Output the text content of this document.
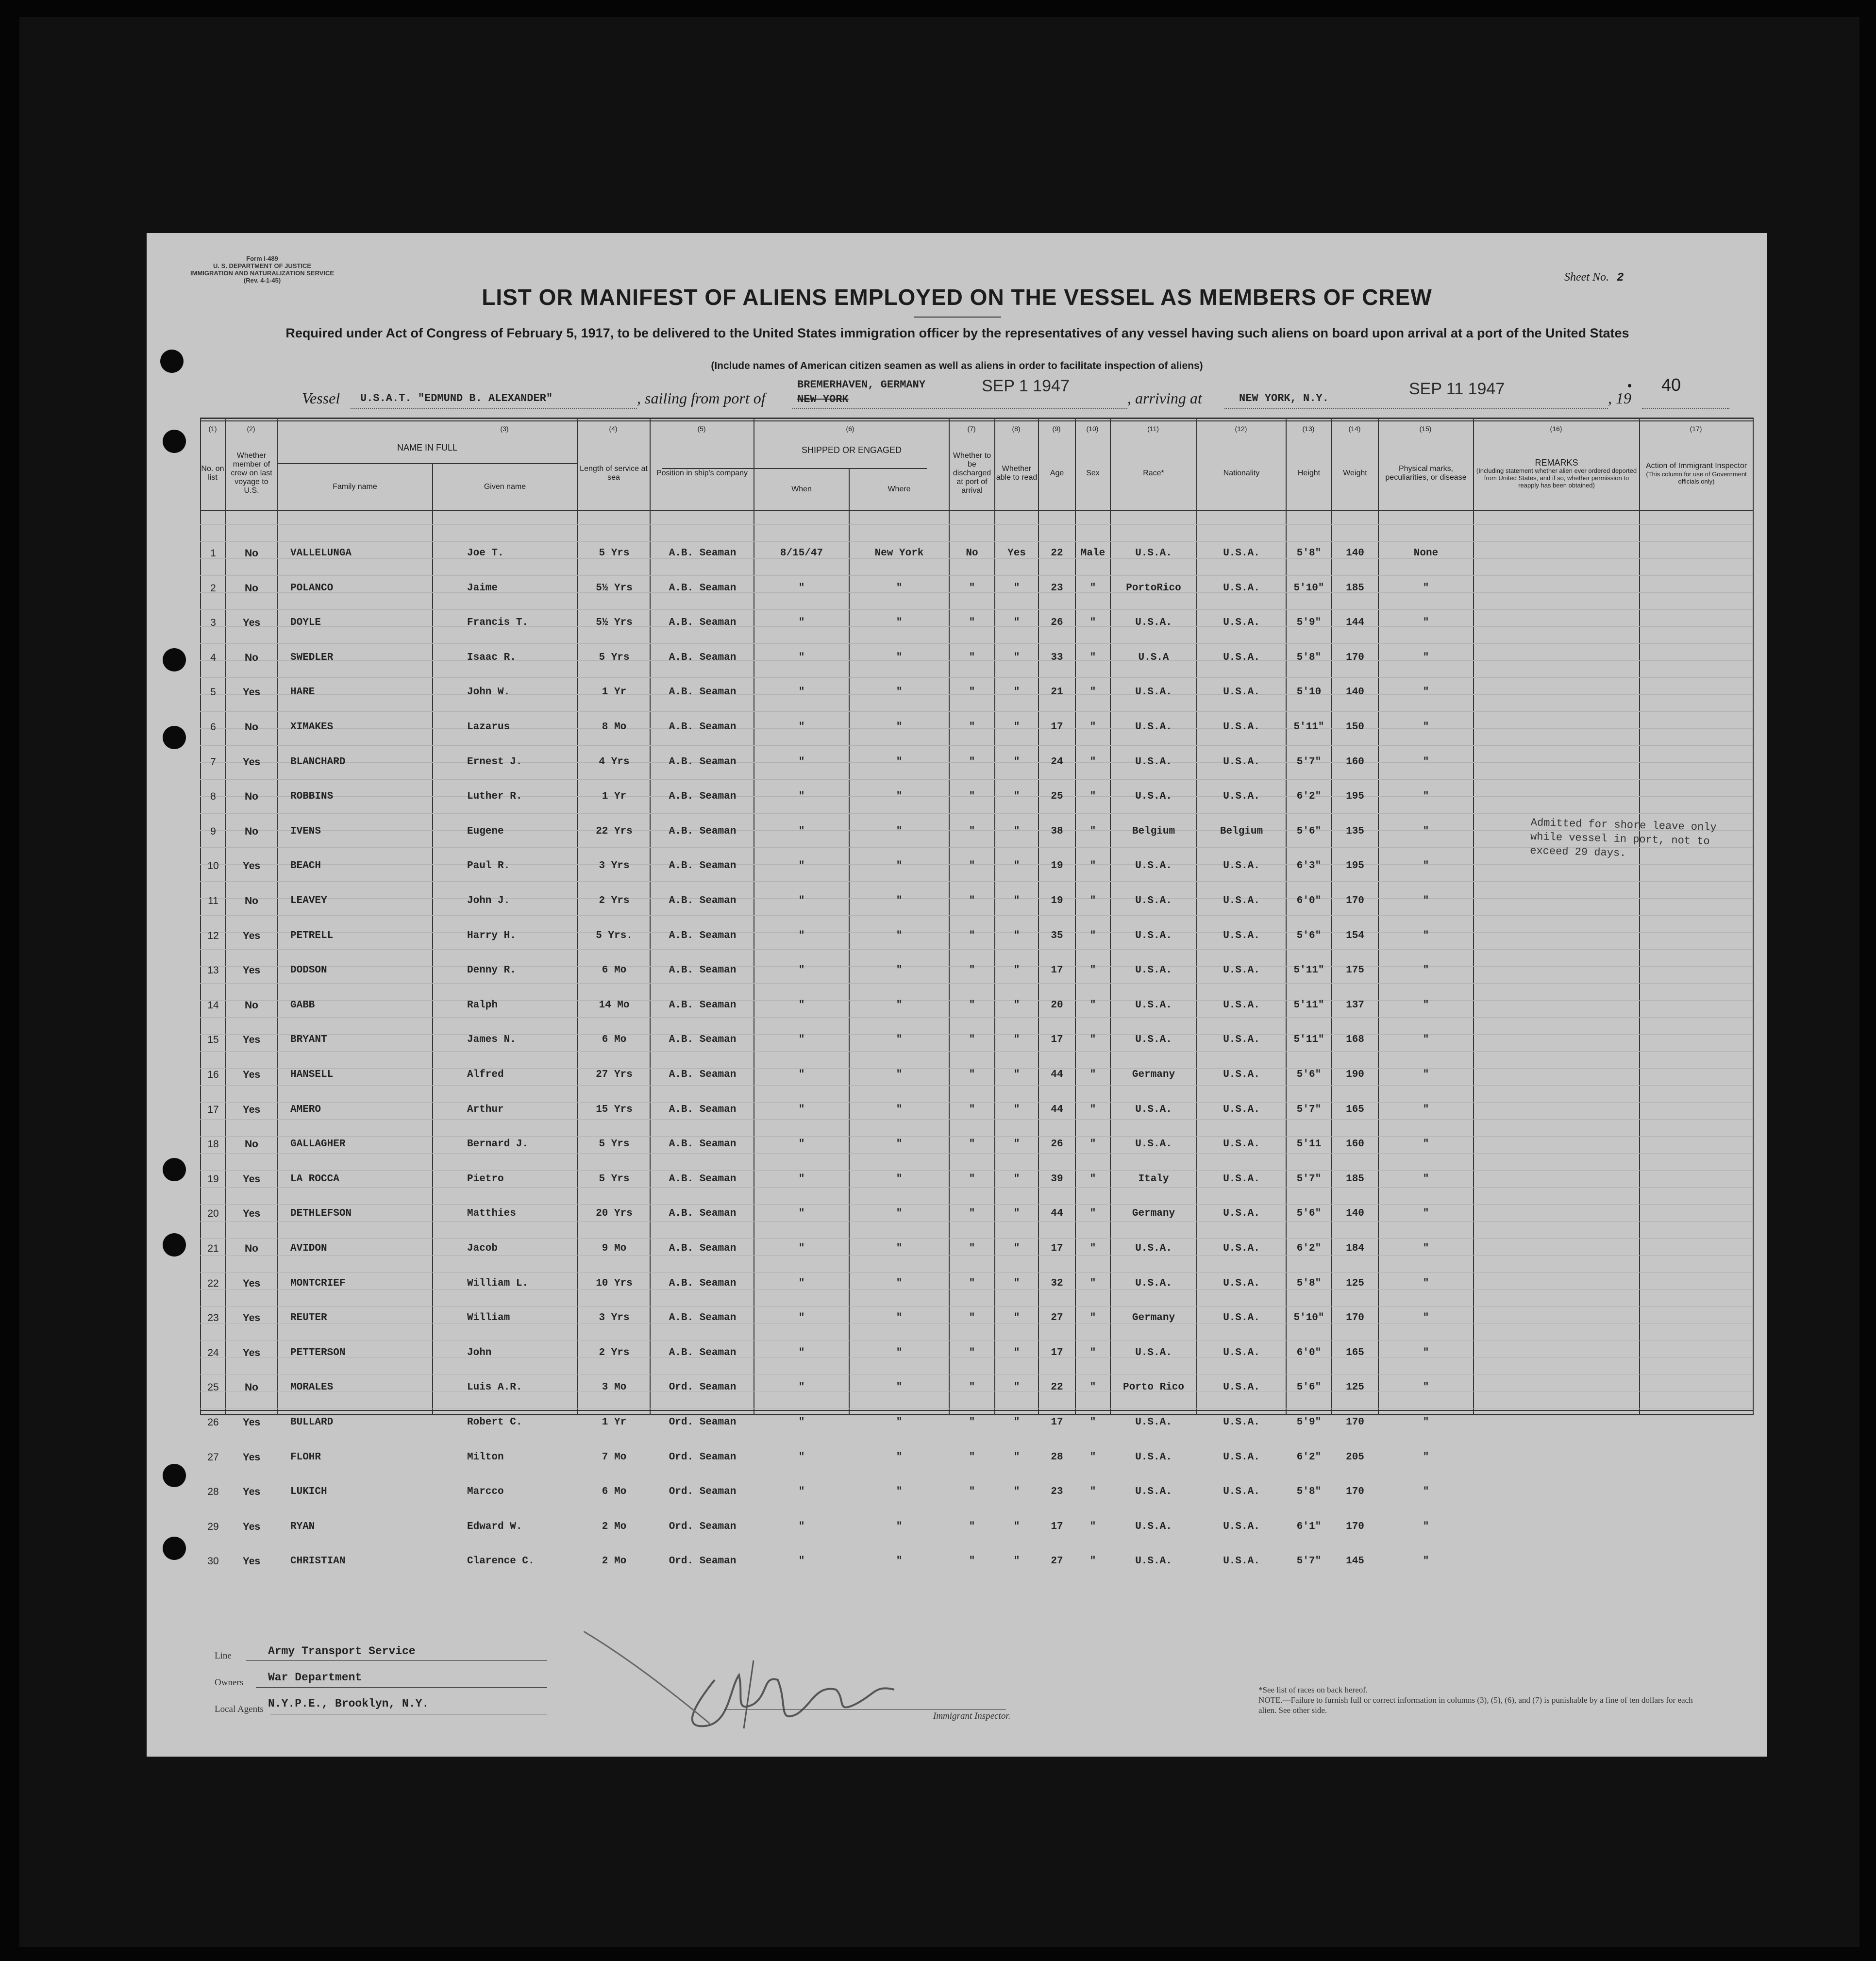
Form I-489
U. S. DEPARTMENT OF JUSTICE
IMMIGRATION AND NATURALIZATION SERVICE
(Rev. 4-1-45)	Sheet No. 2
LIST OR MANIFEST OF ALIENS EMPLOYED ON THE VESSEL AS MEMBERS OF CREW
Required under Act of Congress of February 5, 1917, to be delivered to the United States immigration officer by the representatives of any vessel having such aliens on board upon arrival at a port of the United States
(Include names of American citizen seamen as well as aliens in order to facilitate inspection of aliens)
Vessel U.S.A.T. "EDMUND B. ALEXANDER"	, sailing from port of
BREMERHAVEN, GERMANY
NEW YORK
SEP 1 1947
, arriving at	NEW YORK, N.Y.
SEP 11 1947	, 19
• 40
(1)	(2)	(3)	(4)	(5)	(6)	(7)	(8)	(9)	(10)	(11)	(12)	(13)	(14)	(15)	(16)	(17)
No. on list
Whether member of crew on last voyage to U.S.
NAME IN FULL
Family name	Given name
Length of service at sea
Position in ship's company
SHIPPED OR ENGAGED
When	Where
Whether to be discharged at port of arrival
Whether able to read
Age	Sex	Race*	Nationality	Height	Weight
Physical marks, peculiarities, or disease
REMARKS
(Including statement whether alien ever ordered deported from United States, and if so, whether permission to reapply has been obtained)
Action of Immigrant Inspector
(This column for use of Government officials only)
1	No	VALLELUNGA	Joe T.	5 Yrs	A.B. Seaman	8/15/47	New York	No	Yes	22	Male	U.S.A.	U.S.A.	5'8"	140	None
2	No	POLANCO	Jaime	5½ Yrs	A.B. Seaman	"	"	"	"	23	"	PortoRico	U.S.A.	5'10"	185	"
3	Yes	DOYLE	Francis T.	5½ Yrs	A.B. Seaman	"	"	"	"	26	"	U.S.A.	U.S.A.	5'9"	144	"
4	No	SWEDLER	Isaac R.	5 Yrs	A.B. Seaman	"	"	"	"	33	"	U.S.A	U.S.A.	5'8"	170	"
5	Yes	HARE	John W.	1 Yr	A.B. Seaman	"	"	"	"	21	"	U.S.A.	U.S.A.	5'10	140	"
6	No	XIMAKES	Lazarus	8 Mo	A.B. Seaman	"	"	"	"	17	"	U.S.A.	U.S.A.	5'11"	150	"
7	Yes	BLANCHARD	Ernest J.	4 Yrs	A.B. Seaman	"	"	"	"	24	"	U.S.A.	U.S.A.	5'7"	160	"
8	No	ROBBINS	Luther R.	1 Yr	A.B. Seaman	"	"	"	"	25	"	U.S.A.	U.S.A.	6'2"	195	"
9	No	IVENS	Eugene	22 Yrs	A.B. Seaman	"	"	"	"	38	"	Belgium	Belgium	5'6"	135	"
10	Yes	BEACH	Paul R.	3 Yrs	A.B. Seaman	"	"	"	"	19	"	U.S.A.	U.S.A.	6'3"	195	"
11	No	LEAVEY	John J.	2 Yrs	A.B. Seaman	"	"	"	"	19	"	U.S.A.	U.S.A.	6'0"	170	"
12	Yes	PETRELL	Harry H.	5 Yrs.	A.B. Seaman	"	"	"	"	35	"	U.S.A.	U.S.A.	5'6"	154	"
13	Yes	DODSON	Denny R.	6 Mo	A.B. Seaman	"	"	"	"	17	"	U.S.A.	U.S.A.	5'11"	175	"
14	No	GABB	Ralph	14 Mo	A.B. Seaman	"	"	"	"	20	"	U.S.A.	U.S.A.	5'11"	137	"
15	Yes	BRYANT	James N.	6 Mo	A.B. Seaman	"	"	"	"	17	"	U.S.A.	U.S.A.	5'11"	168	"
16	Yes	HANSELL	Alfred	27 Yrs	A.B. Seaman	"	"	"	"	44	"	Germany	U.S.A.	5'6"	190	"
17	Yes	AMERO	Arthur	15 Yrs	A.B. Seaman	"	"	"	"	44	"	U.S.A.	U.S.A.	5'7"	165	"
18	No	GALLAGHER	Bernard J.	5 Yrs	A.B. Seaman	"	"	"	"	26	"	U.S.A.	U.S.A.	5'11	160	"
19	Yes	LA ROCCA	Pietro	5 Yrs	A.B. Seaman	"	"	"	"	39	"	Italy	U.S.A.	5'7"	185	"
20	Yes	DETHLEFSON	Matthies	20 Yrs	A.B. Seaman	"	"	"	"	44	"	Germany	U.S.A.	5'6"	140	"
21	No	AVIDON	Jacob	9 Mo	A.B. Seaman	"	"	"	"	17	"	U.S.A.	U.S.A.	6'2"	184	"
22	Yes	MONTCRIEF	William L.	10 Yrs	A.B. Seaman	"	"	"	"	32	"	U.S.A.	U.S.A.	5'8"	125	"
23	Yes	REUTER	William	3 Yrs	A.B. Seaman	"	"	"	"	27	"	Germany	U.S.A.	5'10"	170	"
24	Yes	PETTERSON	John	2 Yrs	A.B. Seaman	"	"	"	"	17	"	U.S.A.	U.S.A.	6'0"	165	"
25	No	MORALES	Luis A.R.	3 Mo	Ord. Seaman	"	"	"	"	22	"	Porto Rico	U.S.A.	5'6"	125	"
26	Yes	BULLARD	Robert C.	1 Yr	Ord. Seaman	"	"	"	"	17	"	U.S.A.	U.S.A.	5'9"	170	"
27	Yes	FLOHR	Milton	7 Mo	Ord. Seaman	"	"	"	"	28	"	U.S.A.	U.S.A.	6'2"	205	"
28	Yes	LUKICH	Marcco	6 Mo	Ord. Seaman	"	"	"	"	23	"	U.S.A.	U.S.A.	5'8"	170	"
29	Yes	RYAN	Edward W.	2 Mo	Ord. Seaman	"	"	"	"	17	"	U.S.A.	U.S.A.	6'1"	170	"
30	Yes	CHRISTIAN	Clarence C.	2 Mo	Ord. Seaman	"	"	"	"	27	"	U.S.A.	U.S.A.	5'7"	145	"
Admitted for shore leave only
while vessel in port, not to
exceed 29 days.
Line	Army Transport Service
Owners War Department
Local Agents N.Y.P.E., Brooklyn, N.Y.
Immigrant Inspector.
*See list of races on back hereof.
NOTE.—Failure to furnish full or correct information in columns (3), (5), (6), and (7) is punishable by a fine of ten dollars for each alien. See other side.
